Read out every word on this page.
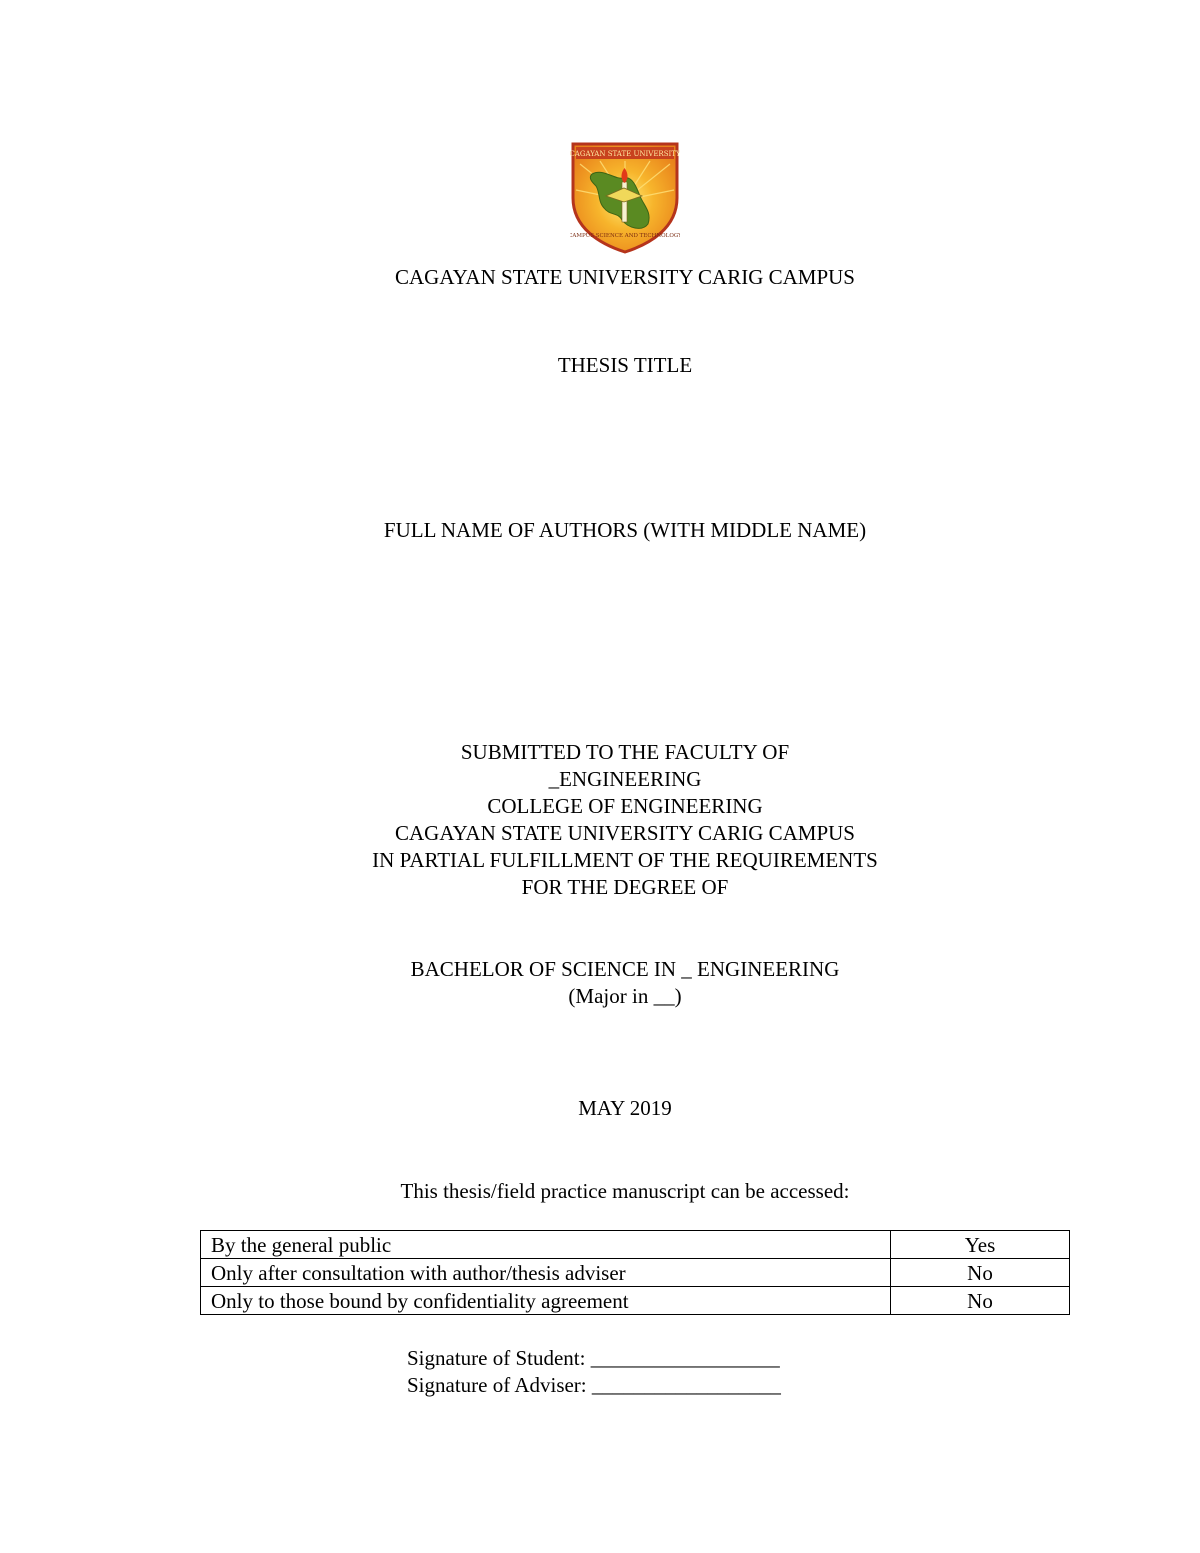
CAGAYAN STATE UNIVERSITY
CAMPUS SCIENCE AND TECHNOLOGY
CAGAYAN STATE UNIVERSITY CARIG CAMPUS
THESIS TITLE
FULL NAME OF AUTHORS (WITH MIDDLE NAME)
SUBMITTED TO THE FACULTY OF
_ENGINEERING
COLLEGE OF ENGINEERING
CAGAYAN STATE UNIVERSITY CARIG CAMPUS
IN PARTIAL FULFILLMENT OF THE REQUIREMENTS
FOR THE DEGREE OF
BACHELOR OF SCIENCE IN _ ENGINEERING
(Major in __)
MAY 2019
This thesis/field practice manuscript can be accessed:
By the general public	Yes
Only after consultation with author/thesis adviser	No
Only to those bound by confidentiality agreement	No
Signature of Student: __________________
Signature of Adviser: __________________
